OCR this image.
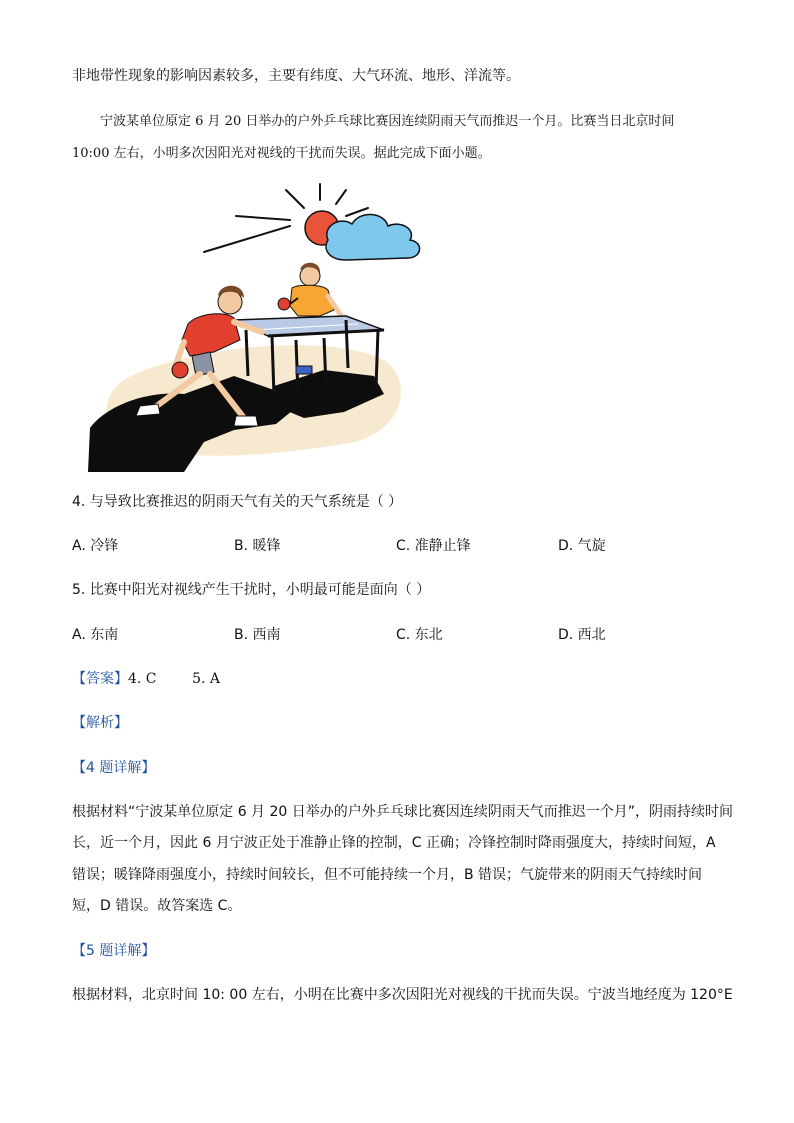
非地带性现象的影响因素较多，主要有纬度、大气环流、地形、洋流等。
宁波某单位原定 6 月 20 日举办的户外乒乓球比赛因连续阴雨天气而推迟一个月。比赛当日北京时间
10:00 左右，小明多次因阳光对视线的干扰而失误。据此完成下面小题。
4. 与导致比赛推迟的阴雨天气有关的天气系统是（ ）
A. 冷锋	B. 暖锋	C. 准静止锋	D. 气旋
5. 比赛中阳光对视线产生干扰时，小明最可能是面向（ ）
A. 东南	B. 西南	C. 东北	D. 西北
【答案】4. C        5. A
【解析】
【4 题详解】
根据材料“宁波某单位原定 6 月 20 日举办的户外乒乓球比赛因连续阴雨天气而推迟一个月”，阴雨持续时间
长，近一个月，因此 6 月宁波正处于准静止锋的控制，C 正确；冷锋控制时降雨强度大，持续时间短，A
错误；暖锋降雨强度小，持续时间较长，但不可能持续一个月，B 错误；气旋带来的阴雨天气持续时间
短，D 错误。故答案选 C。
【5 题详解】
根据材料，北京时间 10: 00 左右，小明在比赛中多次因阳光对视线的干扰而失误。宁波当地经度为 120°E
